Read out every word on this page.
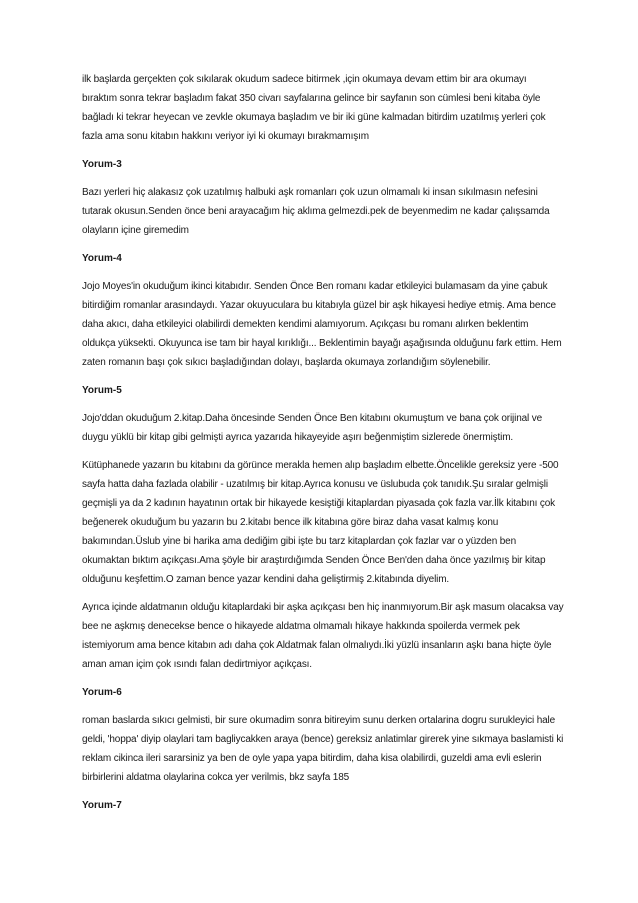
ilk başlarda gerçekten çok sıkılarak okudum sadece bitirmek ,için okumaya devam ettim bir ara okumayı bıraktım sonra tekrar başladım fakat 350 civarı sayfalarına gelince bir sayfanın son cümlesi beni kitaba öyle bağladı ki tekrar heyecan ve zevkle okumaya başladım ve bir iki güne kalmadan bitirdim uzatılmış yerleri çok fazla ama sonu kitabın hakkını veriyor iyi ki okumayı bırakmamışım

Yorum-3

Bazı yerleri hiç alakasız çok uzatılmış halbuki aşk romanları çok uzun olmamalı ki insan sıkılmasın nefesini tutarak okusun.Senden önce beni arayacağım hiç aklıma gelmezdi.pek de beyenmedim ne kadar çalışsamda olayların içine giremedim

Yorum-4

Jojo Moyes'in okuduğum ikinci kitabıdır. Senden Önce Ben romanı kadar etkileyici bulamasam da yine çabuk bitirdiğim romanlar arasındaydı. Yazar okuyuculara bu kitabıyla güzel bir aşk hikayesi hediye etmiş. Ama bence daha akıcı, daha etkileyici olabilirdi demekten kendimi alamıyorum. Açıkçası bu romanı alırken beklentim oldukça yüksekti. Okuyunca ise tam bir hayal kırıklığı... Beklentimin bayağı aşağısında olduğunu fark ettim. Hem zaten romanın başı çok sıkıcı başladığından dolayı, başlarda okumaya zorlandığım söylenebilir.

Yorum-5

Jojo'ddan okuduğum 2.kitap.Daha öncesinde Senden Önce Ben kitabını okumuştum ve bana çok orijinal ve duygu yüklü bir kitap gibi gelmişti ayrıca yazarıda hikayeyide aşırı beğenmiştim sizlerede önermiştim.

Kütüphanede yazarın bu kitabını da görünce merakla hemen alıp başladım elbette.Öncelikle gereksiz yere -500 sayfa hatta daha fazlada olabilir - uzatılmış bir kitap.Ayrıca konusu ve üslubuda çok tanıdık.Şu sıralar gelmişli geçmişli ya da 2 kadının hayatının ortak bir hikayede kesiştiği kitaplardan piyasada çok fazla var.İlk kitabını çok beğenerek okuduğum bu yazarın bu 2.kitabı bence ilk kitabına göre biraz daha vasat kalmış konu bakımından.Üslub yine bi harika ama dediğim gibi işte bu tarz kitaplardan çok fazlar var o yüzden ben okumaktan bıktım açıkçası.Ama şöyle bir araştırdığımda Senden Önce Ben'den daha önce yazılmış bir kitap olduğunu keşfettim.O zaman bence yazar kendini daha geliştirmiş 2.kitabında diyelim.

Ayrıca içinde aldatmanın olduğu kitaplardaki bir aşka açıkçası ben hiç inanmıyorum.Bir aşk masum olacaksa vay bee ne aşkmış denecekse bence o hikayede aldatma olmamalı hikaye hakkında spoilerda vermek pek istemiyorum ama bence kitabın adı daha çok Aldatmak falan olmalıydı.İki yüzlü insanların aşkı bana hiçte öyle aman aman içim çok ısındı falan dedirtmiyor açıkçası.

Yorum-6

roman baslarda sıkıcı gelmisti, bir sure okumadim sonra bitireyim sunu derken ortalarina dogru surukleyici hale geldi, 'hoppa' diyip olaylari tam bagliycakken araya (bence) gereksiz anlatimlar girerek yine sıkmaya baslamisti ki reklam cikinca ileri sararsiniz ya ben de oyle yapa yapa bitirdim, daha kisa olabilirdi, guzeldi ama evli eslerin birbirlerini aldatma olaylarina cokca yer verilmis, bkz sayfa 185

Yorum-7
